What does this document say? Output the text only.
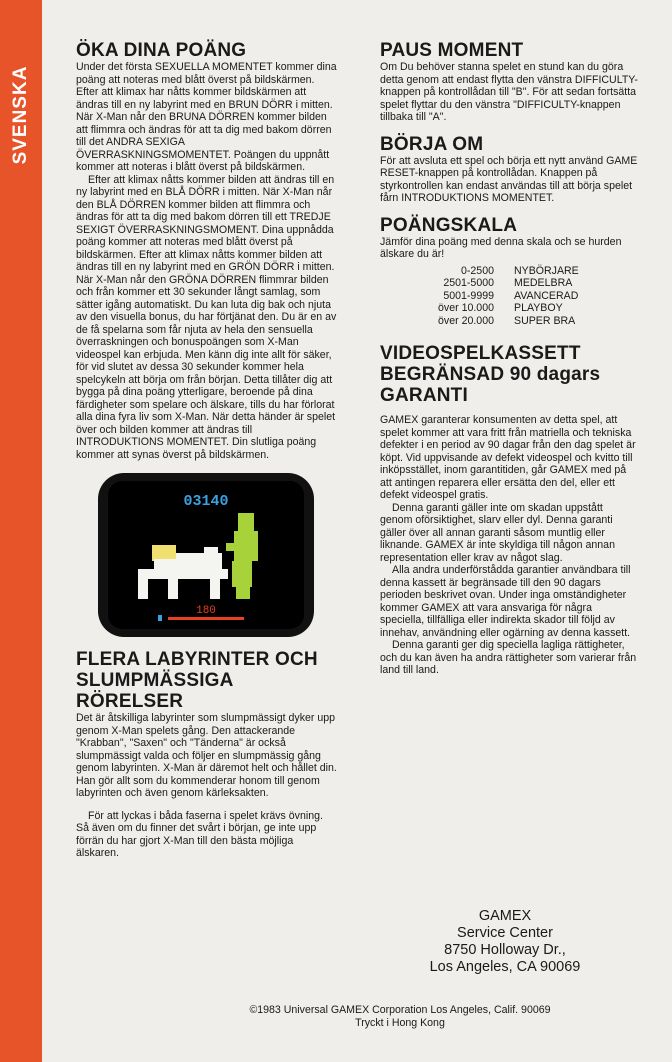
SVENSKA
ÖKA DINA POÄNG

Under det första SEXUELLA MOMENTET kommer dina poäng att noteras med blått överst på bildskärmen. Efter att klimax har nåtts kommer bildskärmen att ändras till en ny labyrint med en BRUN DÖRR i mitten. När X-Man når den BRUNA DÖRREN kommer bilden att flimmra och ändras för att ta dig med bakom dörren till det ANDRA SEXIGA ÖVERRASKNINGSMOMENTET. Poängen du uppnått kommer att noteras i blått överst på bildskärmen.

Efter att klimax nåtts kommer bilden att ändras till en ny labyrint med en BLÅ DÖRR i mitten. När X-Man når den BLÅ DÖRREN kommer bilden att flimmra och ändras för att ta dig med bakom dörren till ett TREDJE SEXIGT ÖVERRASKNINGSMOMENT. Dina uppnådda poäng kommer att noteras med blått överst på bildskärmen. Efter att klimax nåtts kommer bilden att ändras till en ny labyrint med en GRÖN DÖRR i mitten. När X-Man når den GRÖNA DÖRREN flimmrar bilden och från kommer ett 30 sekunder långt samlag, som sätter igång automatiskt. Du kan luta dig bak och njuta av den visuella bonus, du har förtjänat den. Du är en av de få spelarna som får njuta av hela den sensuella överraskningen och bonuspoängen som X-Man videospel kan erbjuda. Men känn dig inte allt för säker, för vid slutet av dessa 30 sekunder kommer hela spelcykeln att börja om från början. Detta tillåter dig att bygga på dina poäng ytterligare, beroende på dina färdigheter som spelare och älskare, tills du har förlorat alla dina fyra liv som X-Man. När detta händer är spelet över och bilden kommer att ändras till INTRODUKTIONS MOMENTET. Din slutliga poäng kommer att synas överst på bildskärmen.

03140
180
FLERA LABYRINTER OCH SLUMPMÄSSIGA RÖRELSER

Det är åtskilliga labyrinter som slumpmässigt dyker upp genom X-Man spelets gång. Den attackerande "Krabban", "Saxen" och "Tänderna" är också slumpmässigt valda och följer en slumpmässig gång genom labyrinten. X-Man är däremot helt och hållet din. Han gör allt som du kommenderar honom till genom labyrinten och även genom kärleksakten.

För att lyckas i båda faserna i spelet krävs övning. Så även om du finner det svårt i början, ge inte upp förrän du har gjort X-Man till den bästa möjliga älskaren.

PAUS MOMENT

Om Du behöver stanna spelet en stund kan du göra detta genom att endast flytta den vänstra DIFFICULTY-knappen på kontrollådan till "B". För att sedan fortsätta spelet flyttar du den vänstra "DIFFICULTY-knappen tillbaka till "A".

BÖRJA OM

För att avsluta ett spel och börja ett nytt använd GAME RESET-knappen på kontrollådan. Knappen på styrkontrollen kan endast användas till att börja spelet fårn INTRODUKTIONS MOMENTET.

POÄNGSKALA

Jämför dina poäng med denna skala och se hurden älskare du är!

0-2500	NYBÖRJARE
2501-5000	MEDELBRA
5001-9999	AVANCERAD
över 10.000	PLAYBOY
över 20.000	SUPER BRA
VIDEOSPELKASSETT BEGRÄNSAD 90 dagars GARANTI

GAMEX garanterar konsumenten av detta spel, att spelet kommer att vara fritt från matriella och tekniska defekter i en period av 90 dagar från den dag spelet är köpt. Vid uppvisande av defekt videospel och kvitto till inköpsstället, inom garantitiden, går GAMEX med på att antingen reparera eller ersätta den del, eller ett defekt videospel gratis.

Denna garanti gäller inte om skadan uppstått genom oförsiktighet, slarv eller dyl. Denna garanti gäller över all annan garanti såsom muntlig eller liknande. GAMEX är inte skyldiga till någon annan representation eller krav av något slag.

Alla andra underförstådda garantier användbara till denna kassett är begränsade till den 90 dagars perioden beskrivet ovan. Under inga omständigheter kommer GAMEX att vara ansvariga för några speciella, tillfälliga eller indirekta skador till följd av innehav, användning eller ogärning av denna kassett.

Denna garanti ger dig speciella lagliga rättigheter, och du kan även ha andra rättigheter som varierar från land till land.

GAMEX
Service Center
8750 Holloway Dr.,
Los Angeles, CA 90069
©1983 Universal GAMEX Corporation Los Angeles, Calif. 90069
Tryckt i Hong Kong
